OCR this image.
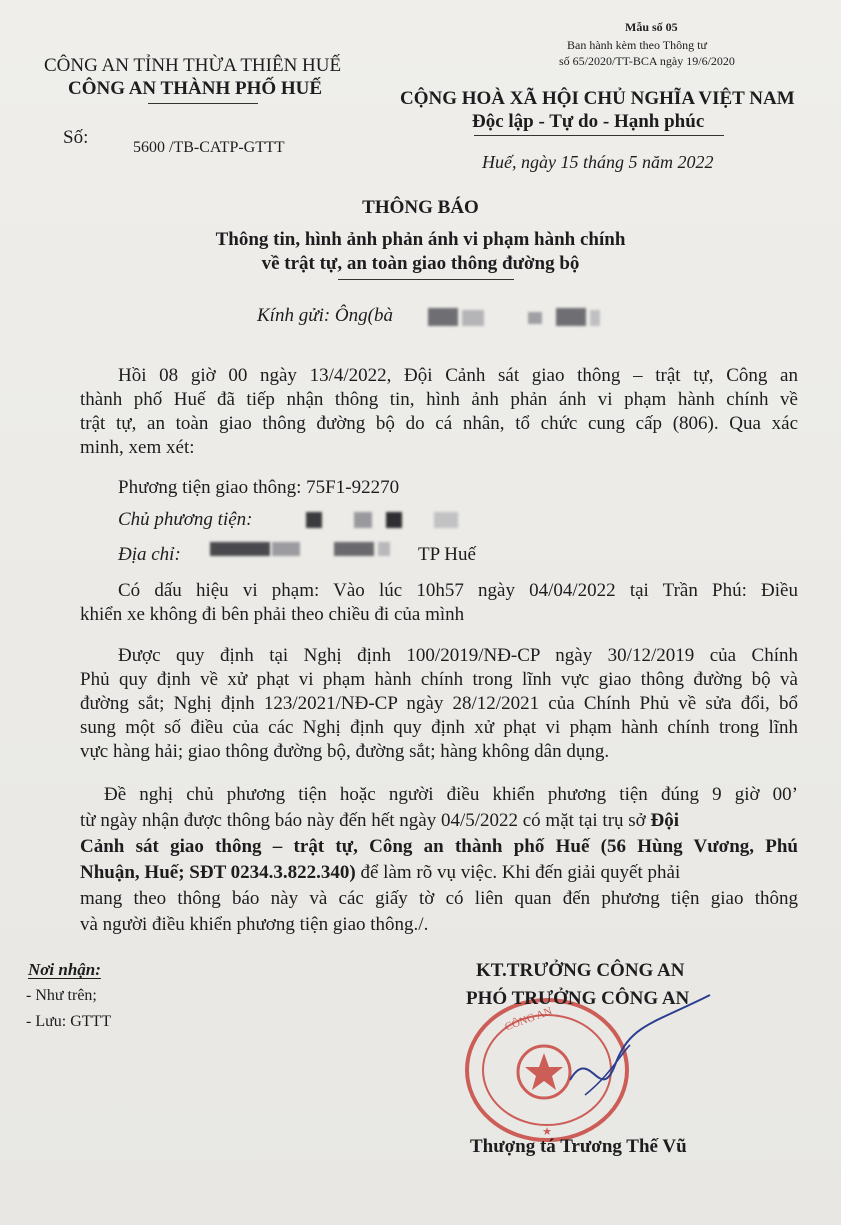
Mẫu số 05
Ban hành kèm theo Thông tư
số 65/2020/TT-BCA ngày 19/6/2020
CÔNG AN TỈNH THỪA THIÊN HUẾ
CÔNG AN THÀNH PHỐ HUẾ
Số:	5600 /TB-CATP-GTTT
CỘNG HOÀ XÃ HỘI CHỦ NGHĨA VIỆT NAM
Độc lập - Tự do - Hạnh phúc
Huế, ngày 15 tháng 5 năm 2022
THÔNG BÁO
Thông tin, hình ảnh phản ánh vi phạm hành chính
về trật tự, an toàn giao thông đường bộ
Kính gửi: Ông(bà
Hồi 08 giờ 00 ngày 13/4/2022, Đội Cảnh sát giao thông – trật tự, Công an
thành phố Huế đã tiếp nhận thông tin, hình ảnh phản ánh vi phạm hành chính về
trật tự, an toàn giao thông đường bộ do cá nhân, tổ chức cung cấp (806). Qua xác
minh, xem xét:
Phương tiện giao thông: 75F1-92270
Chủ phương tiện:
Địa chỉ:	TP Huế
Có dấu hiệu vi phạm: Vào lúc 10h57 ngày 04/04/2022 tại Trần Phú: Điều
khiển xe không đi bên phải theo chiều đi của mình
Được quy định tại Nghị định 100/2019/NĐ-CP ngày 30/12/2019 của Chính
Phủ quy định về xử phạt vi phạm hành chính trong lĩnh vực giao thông đường bộ và
đường sắt; Nghị định 123/2021/NĐ-CP ngày 28/12/2021 của Chính Phủ về sửa đổi, bổ
sung một số điều của các Nghị định quy định xử phạt vi phạm hành chính trong lĩnh
vực hàng hải; giao thông đường bộ, đường sắt; hàng không dân dụng.
Đề nghị chủ phương tiện hoặc người điều khiển phương tiện đúng 9 giờ 00’
từ ngày nhận được thông báo này đến hết ngày 04/5/2022 có mặt tại trụ sở Đội
Cảnh sát giao thông – trật tự, Công an thành phố Huế (56 Hùng Vương, Phú
Nhuận, Huế; SĐT 0234.3.822.340) để làm rõ vụ việc. Khi đến giải quyết phải
mang theo thông báo này và các giấy tờ có liên quan đến phương tiện giao thông
và người điều khiển phương tiện giao thông./.
Nơi nhận:
- Như trên;
- Lưu: GTTT	CÔNG AN
★
KT.TRƯỞNG CÔNG AN
PHÓ TRƯỞNG CÔNG AN
Thượng tá Trương Thế Vũ
